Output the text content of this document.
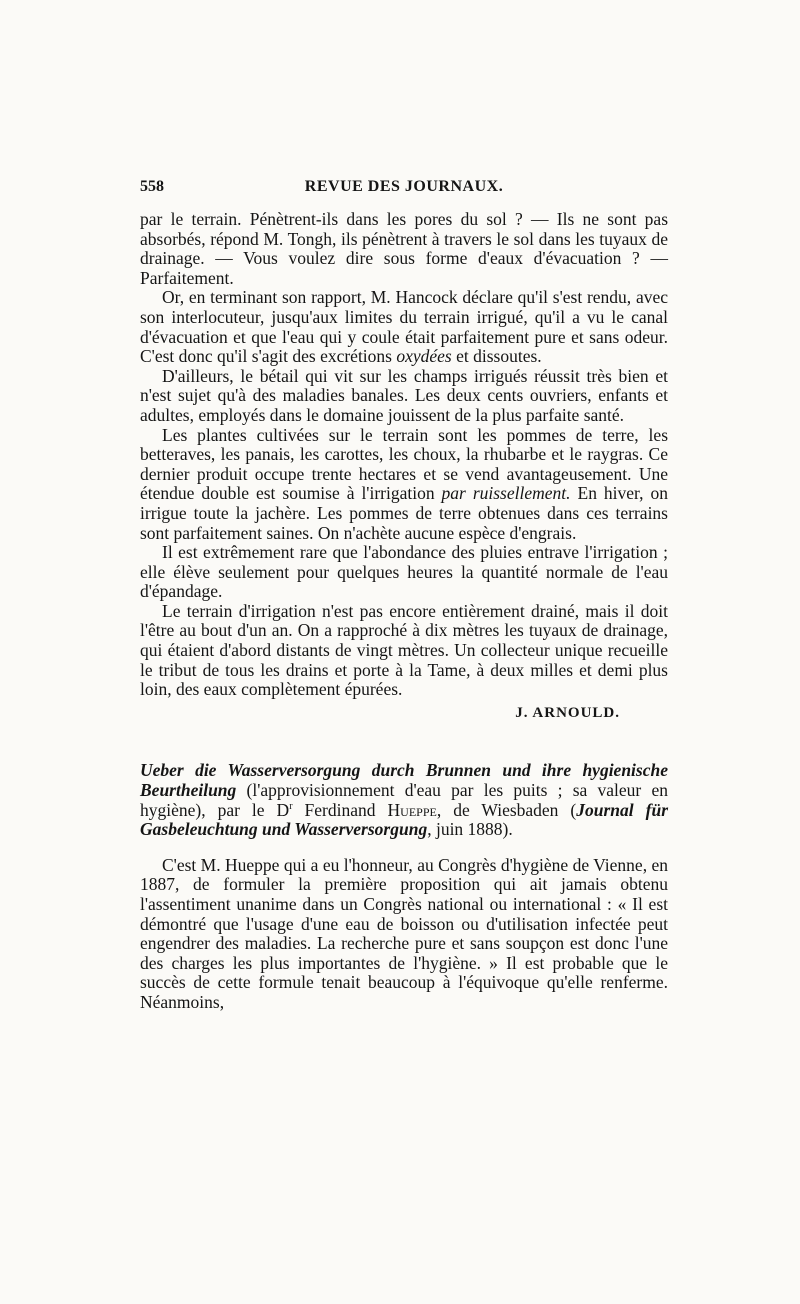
558	REVUE DES JOURNAUX.

par le terrain. Pénètrent-ils dans les pores du sol ? — Ils ne sont pas absorbés, répond M. Tongh, ils pénètrent à travers le sol dans les tuyaux de drainage. — Vous voulez dire sous forme d'eaux d'évacuation ? — Parfaitement.

Or, en terminant son rapport, M. Hancock déclare qu'il s'est rendu, avec son interlocuteur, jusqu'aux limites du terrain irrigué, qu'il a vu le canal d'évacuation et que l'eau qui y coule était parfaitement pure et sans odeur. C'est donc qu'il s'agit des excrétions oxydées et dissoutes.

D'ailleurs, le bétail qui vit sur les champs irrigués réussit très bien et n'est sujet qu'à des maladies banales. Les deux cents ouvriers, enfants et adultes, employés dans le domaine jouissent de la plus parfaite santé.

Les plantes cultivées sur le terrain sont les pommes de terre, les betteraves, les panais, les carottes, les choux, la rhubarbe et le raygras. Ce dernier produit occupe trente hectares et se vend avantageusement. Une étendue double est soumise à l'irrigation par ruissellement. En hiver, on irrigue toute la jachère. Les pommes de terre obtenues dans ces terrains sont parfaitement saines. On n'achète aucune espèce d'engrais.

Il est extrêmement rare que l'abondance des pluies entrave l'irrigation ; elle élève seulement pour quelques heures la quantité normale de l'eau d'épandage.

Le terrain d'irrigation n'est pas encore entièrement drainé, mais il doit l'être au bout d'un an. On a rapproché à dix mètres les tuyaux de drainage, qui étaient d'abord distants de vingt mètres. Un collecteur unique recueille le tribut de tous les drains et porte à la Tame, à deux milles et demi plus loin, des eaux complètement épurées.

J. ARNOULD.

Ueber die Wasserversorgung durch Brunnen und ihre hygienische Beurtheilung (l'approvisionnement d'eau par les puits ; sa valeur en hygiène), par le $D^r$ Ferdinand Hueppe, de Wiesbaden (Journal für Gasbeleuchtung und Wasserversorgung, juin 1888).

C'est M. Hueppe qui a eu l'honneur, au Congrès d'hygiène de Vienne, en 1887, de formuler la première proposition qui ait jamais obtenu l'assentiment unanime dans un Congrès national ou international : « Il est démontré que l'usage d'une eau de boisson ou d'utilisation infectée peut engendrer des maladies. La recherche pure et sans soupçon est donc l'une des charges les plus importantes de l'hygiène. » Il est probable que le succès de cette formule tenait beaucoup à l'équivoque qu'elle renferme. Néanmoins,
